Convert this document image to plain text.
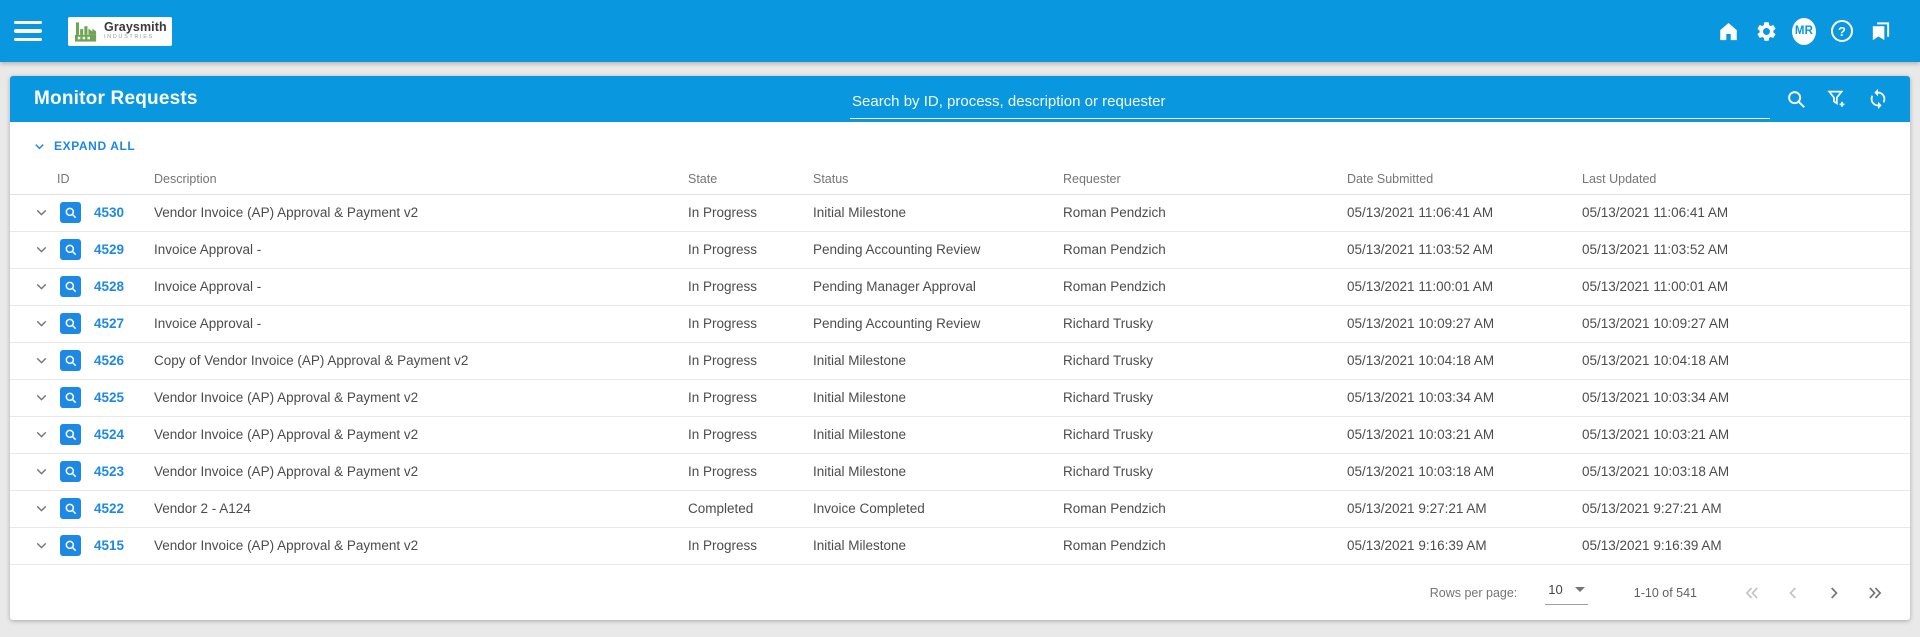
Graysmith
INDUSTRIES
MR ?
Monitor Requests
Search by ID, process, description or requester
EXPAND ALL
ID	Description	State	Status	Requester	Date Submitted	Last Updated
4530	Vendor Invoice (AP) Approval & Payment v2	In Progress	Initial Milestone	Roman Pendzich	05/13/2021 11:06:41 AM	05/13/2021 11:06:41 AM
4529	Invoice Approval -	In Progress	Pending Accounting Review	Roman Pendzich	05/13/2021 11:03:52 AM	05/13/2021 11:03:52 AM
4528	Invoice Approval -	In Progress	Pending Manager Approval	Roman Pendzich	05/13/2021 11:00:01 AM	05/13/2021 11:00:01 AM
4527	Invoice Approval -	In Progress	Pending Accounting Review	Richard Trusky	05/13/2021 10:09:27 AM	05/13/2021 10:09:27 AM
4526	Copy of Vendor Invoice (AP) Approval & Payment v2	In Progress	Initial Milestone	Richard Trusky	05/13/2021 10:04:18 AM	05/13/2021 10:04:18 AM
4525	Vendor Invoice (AP) Approval & Payment v2	In Progress	Initial Milestone	Richard Trusky	05/13/2021 10:03:34 AM	05/13/2021 10:03:34 AM
4524	Vendor Invoice (AP) Approval & Payment v2	In Progress	Initial Milestone	Richard Trusky	05/13/2021 10:03:21 AM	05/13/2021 10:03:21 AM
4523	Vendor Invoice (AP) Approval & Payment v2	In Progress	Initial Milestone	Richard Trusky	05/13/2021 10:03:18 AM	05/13/2021 10:03:18 AM
4522	Vendor 2 - A124	Completed	Invoice Completed	Roman Pendzich	05/13/2021 9:27:21 AM	05/13/2021 9:27:21 AM
4515	Vendor Invoice (AP) Approval & Payment v2	In Progress	Initial Milestone	Roman Pendzich	05/13/2021 9:16:39 AM	05/13/2021 9:16:39 AM
Rows per page: 10	1-10 of 541
